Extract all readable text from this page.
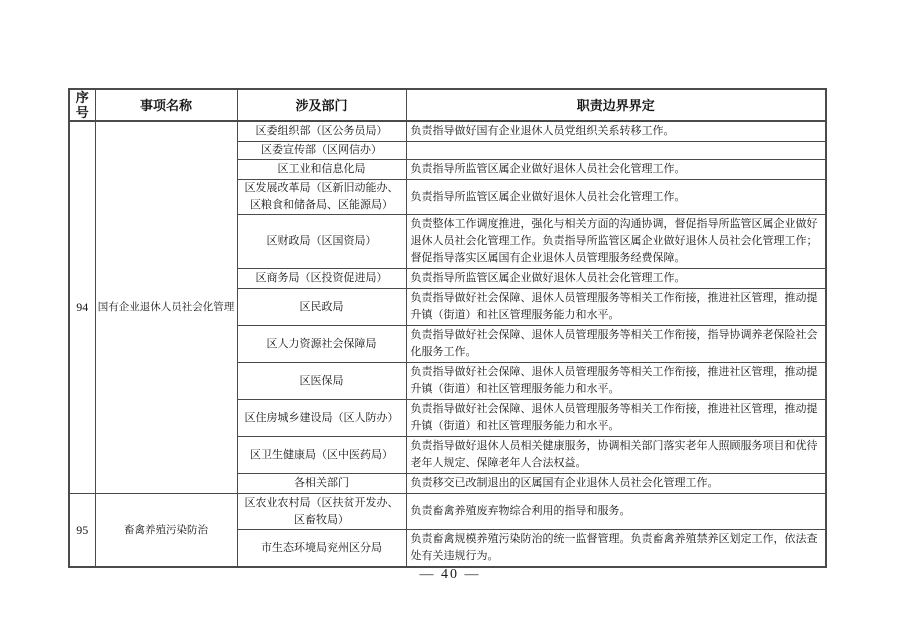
序号	事项名称	涉及部门	职责边界界定
94	国有企业退休人员社会化管理	区委组织部（区公务员局）	负责指导做好国有企业退休人员党组织关系转移工作。
		区委宣传部（区网信办）	
		区工业和信息化局	负责指导所监管区属企业做好退休人员社会化管理工作。
		区发展改革局（区新旧动能办、区粮食和储备局、区能源局）	负责指导所监管区属企业做好退休人员社会化管理工作。
		区财政局（区国资局）	负责整体工作调度推进，强化与相关方面的沟通协调，督促指导所监管区属企业做好退休人员社会化管理工作。负责指导所监管区属企业做好退休人员社会化管理工作；督促指导落实区属国有企业退休人员管理服务经费保障。
		区商务局（区投资促进局）	负责指导所监管区属企业做好退休人员社会化管理工作。
		区民政局	负责指导做好社会保障、退休人员管理服务等相关工作衔接，推进社区管理，推动提升镇（街道）和社区管理服务能力和水平。
		区人力资源社会保障局	负责指导做好社会保障、退休人员管理服务等相关工作衔接，指导协调养老保险社会化服务工作。
		区医保局	负责指导做好社会保障、退休人员管理服务等相关工作衔接，推进社区管理，推动提升镇（街道）和社区管理服务能力和水平。
		区住房城乡建设局（区人防办）	负责指导做好社会保障、退休人员管理服务等相关工作衔接，推进社区管理，推动提升镇（街道）和社区管理服务能力和水平。
		区卫生健康局（区中医药局）	负责指导做好退休人员相关健康服务，协调相关部门落实老年人照顾服务项目和优待老年人规定、保障老年人合法权益。
		各相关部门	负责移交已改制退出的区属国有企业退休人员社会化管理工作。
95	畜禽养殖污染防治	区农业农村局（区扶贫开发办、区畜牧局）	负责畜禽养殖废弃物综合利用的指导和服务。
		市生态环境局兖州区分局	负责畜禽规模养殖污染防治的统一监督管理。负责畜禽养殖禁养区划定工作，依法查处有关违规行为。
— 40 —
